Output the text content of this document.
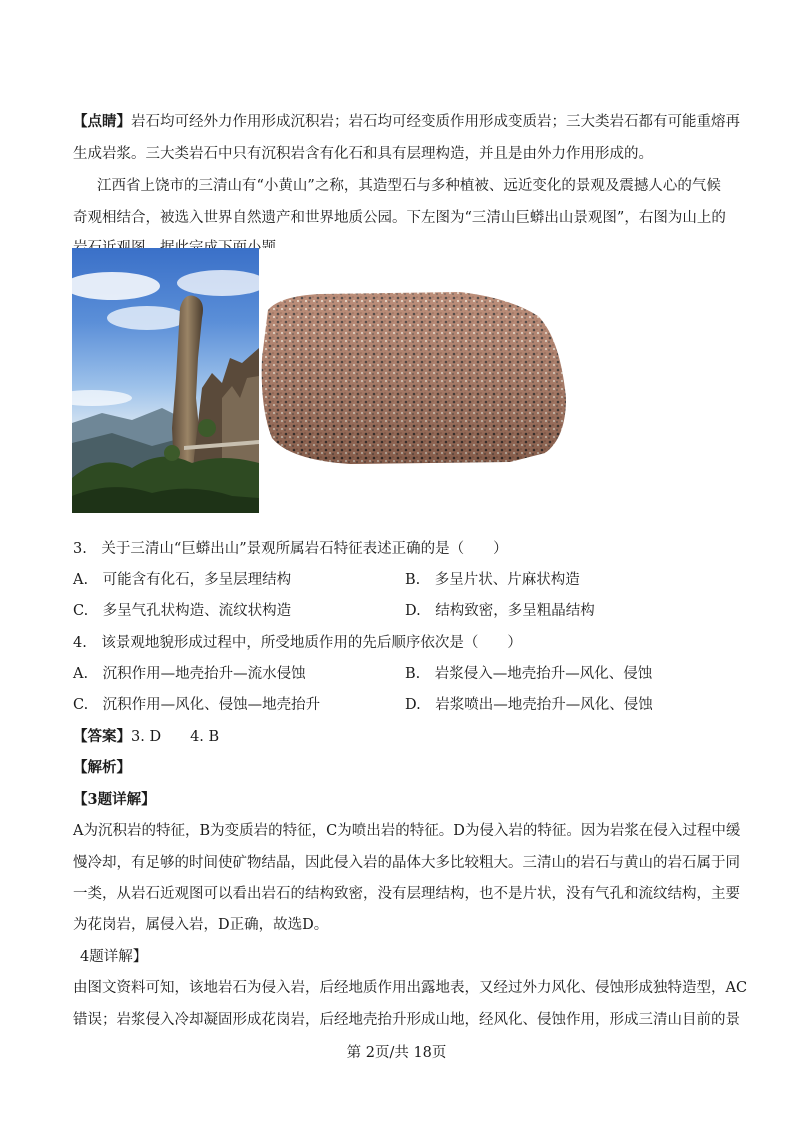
【点睛】岩石均可经外力作用形成沉积岩；岩石均可经变质作用形成变质岩；三大类岩石都有可能重熔再
生成岩浆。三大类岩石中只有沉积岩含有化石和具有层理构造，并且是由外力作用形成的。
江西省上饶市的三清山有“小黄山”之称，其造型石与多种植被、远近变化的景观及震撼人心的气候
奇观相结合，被选入世界自然遗产和世界地质公园。下左图为“三清山巨蟒出山景观图”，右图为山上的
3.　关于三清山“巨蟒出山”景观所属岩石特征表述正确的是（　　）
A.　可能含有化石，多呈层理结构	B.　多呈片状、片麻状构造
C.　多呈气孔状构造、流纹状构造	D.　结构致密，多呈粗晶结构
4.　该景观地貌形成过程中，所受地质作用的先后顺序依次是（　　）
A.　沉积作用—地壳抬升—流水侵蚀	B.　岩浆侵入—地壳抬升—风化、侵蚀
C.　沉积作用—风化、侵蚀—地壳抬升	D.　岩浆喷出—地壳抬升—风化、侵蚀
【答案】3. D　　4. B
【解析】
【3题详解】
A为沉积岩的特征，B为变质岩的特征，C为喷出岩的特征。D为侵入岩的特征。因为岩浆在侵入过程中缓
慢冷却，有足够的时间使矿物结晶，因此侵入岩的晶体大多比较粗大。三清山的岩石与黄山的岩石属于同
一类，从岩石近观图可以看出岩石的结构致密，没有层理结构，也不是片状，没有气孔和流纹结构，主要
为花岗岩，属侵入岩，D正确，故选D。
4题详解】
由图文资料可知，该地岩石为侵入岩，后经地质作用出露地表，又经过外力风化、侵蚀形成独特造型，AC
错误；岩浆侵入冷却凝固形成花岗岩，后经地壳抬升形成山地，经风化、侵蚀作用，形成三清山目前的景
第 2页/共 18页
